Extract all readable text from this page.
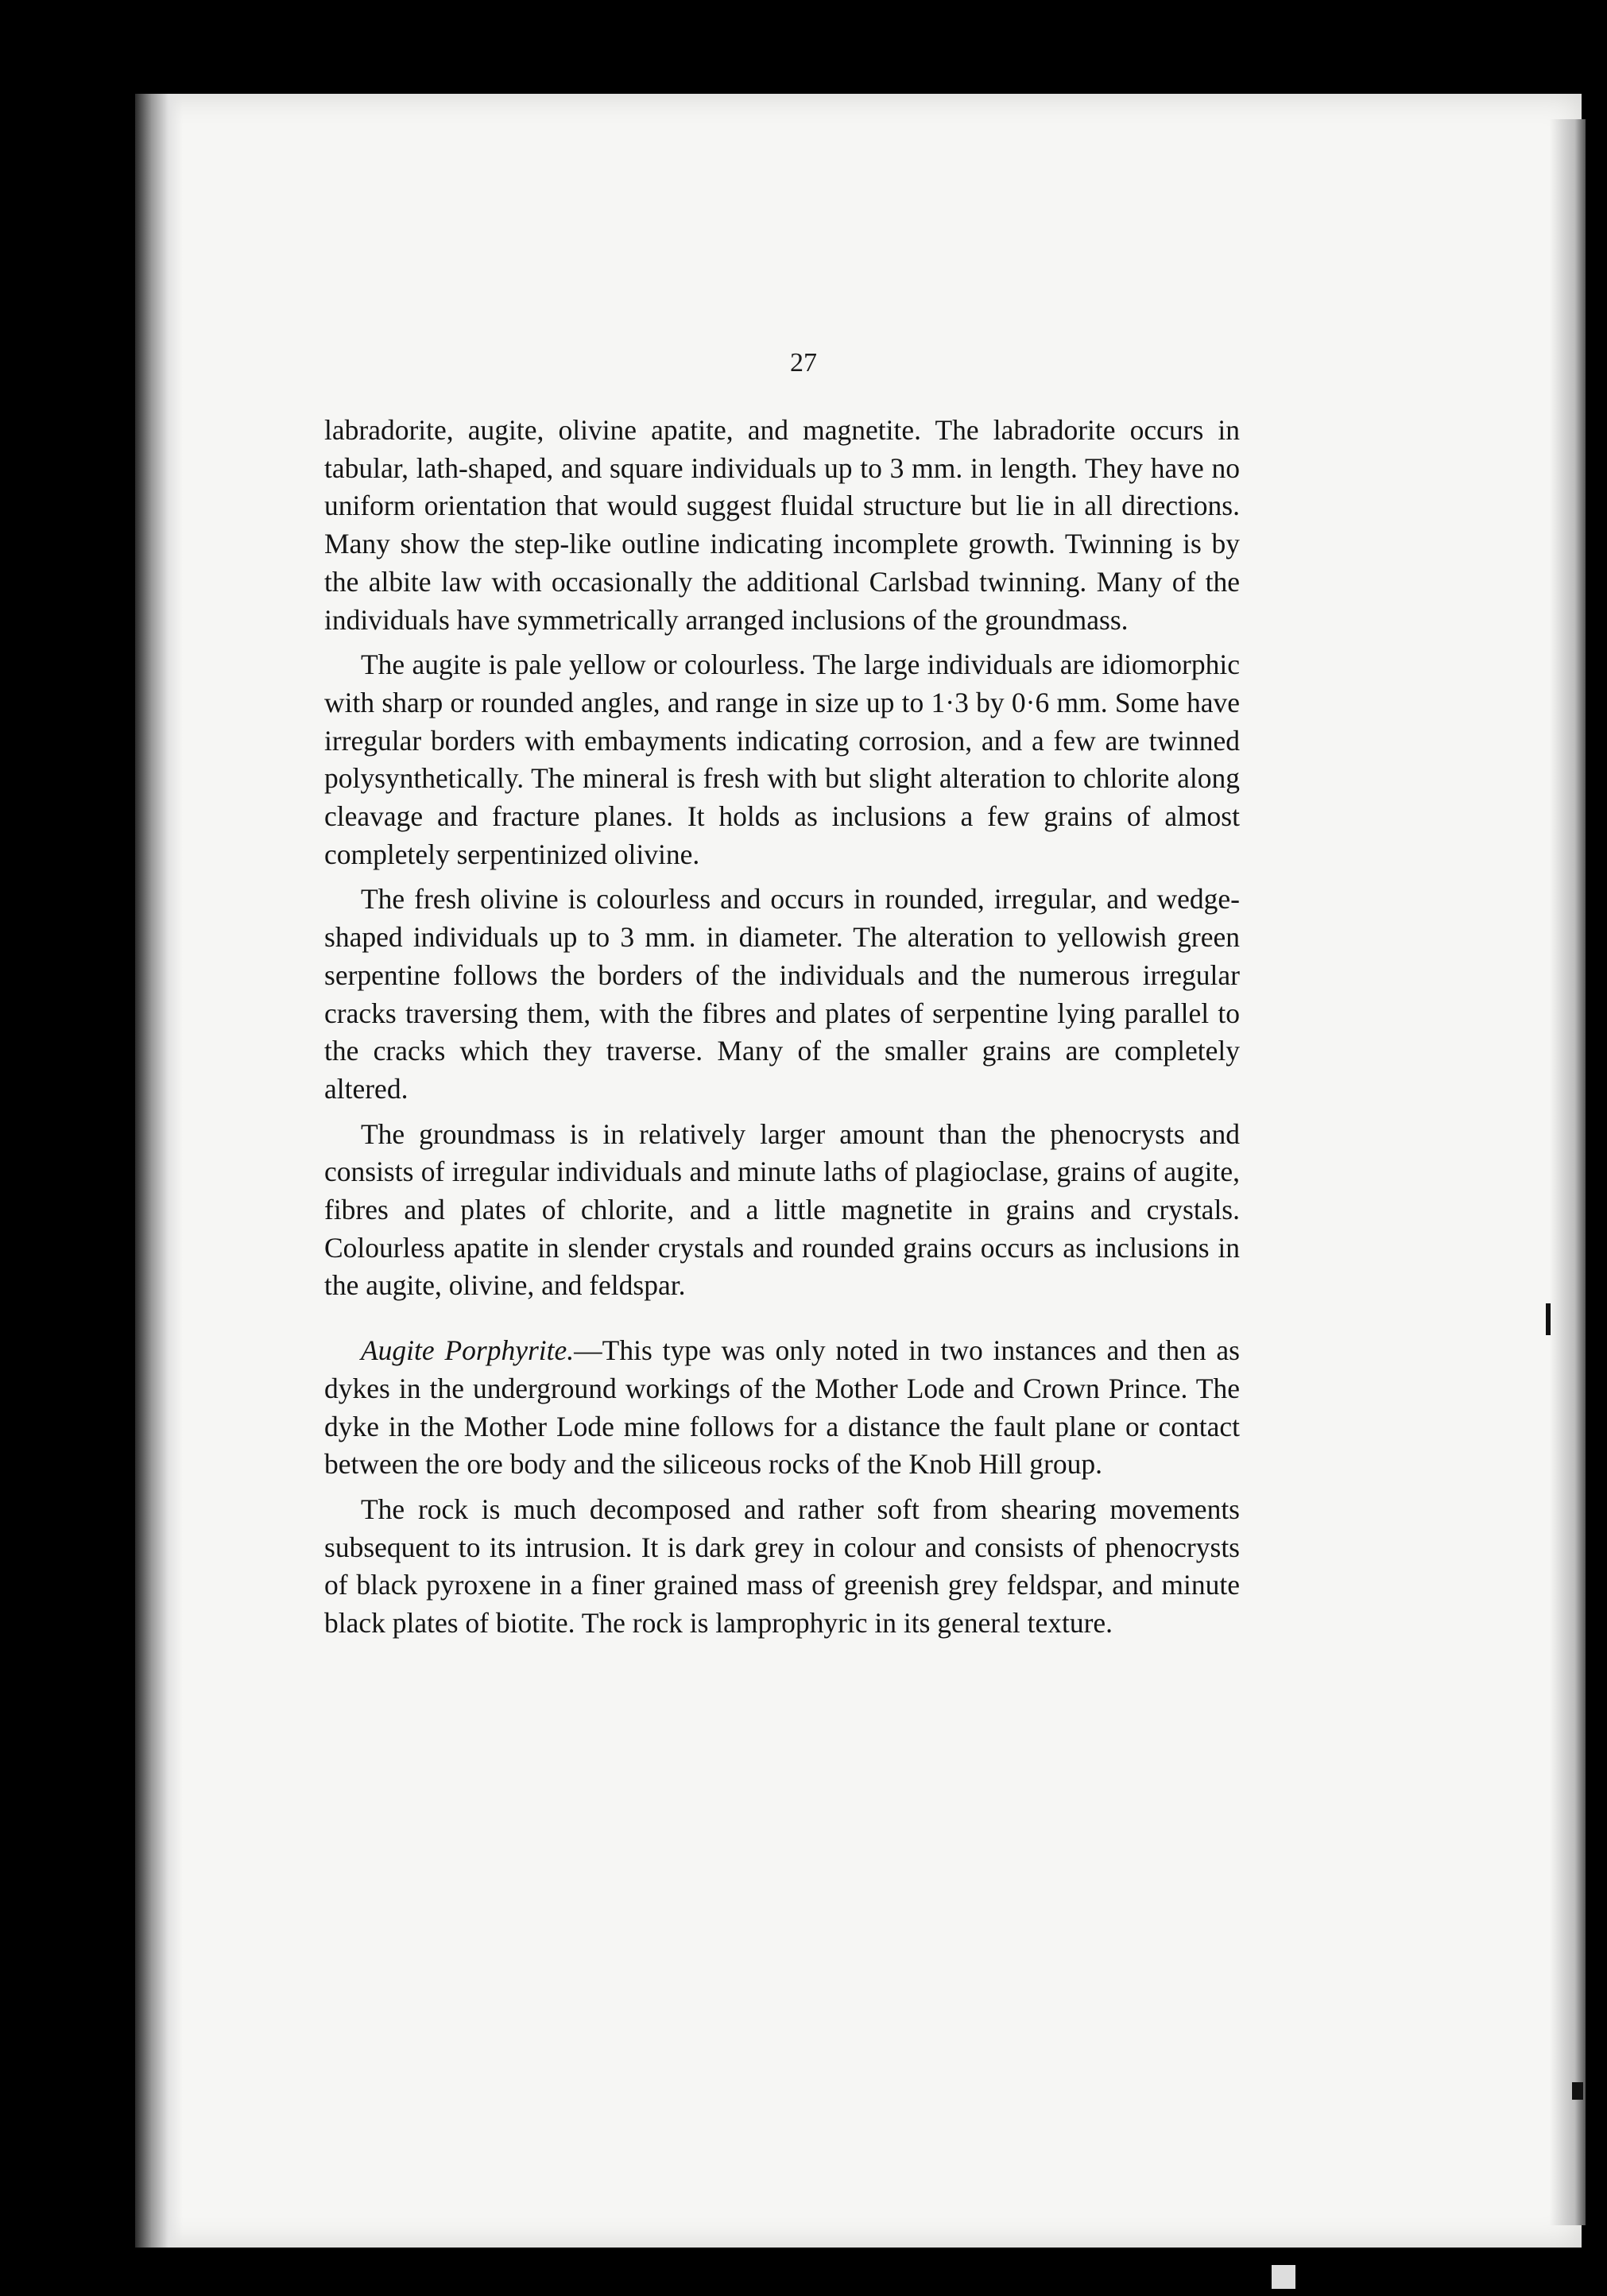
27

labradorite, augite, olivine apatite, and magnetite. The labradorite occurs in tabular, lath-shaped, and square individuals up to 3 mm. in length. They have no uniform orientation that would suggest fluidal structure but lie in all directions. Many show the step-like outline indicating incomplete growth. Twinning is by the albite law with occasionally the additional Carlsbad twinning. Many of the individuals have symmetrically arranged inclusions of the groundmass.

The augite is pale yellow or colourless. The large individuals are idiomorphic with sharp or rounded angles, and range in size up to 1·3 by 0·6 mm. Some have irregular borders with embayments indicating corrosion, and a few are twinned polysynthetically. The mineral is fresh with but slight alteration to chlorite along cleavage and fracture planes. It holds as inclusions a few grains of almost completely serpentinized olivine.

The fresh olivine is colourless and occurs in rounded, irregular, and wedge-shaped individuals up to 3 mm. in diameter. The alteration to yellowish green serpentine follows the borders of the individuals and the numerous irregular cracks traversing them, with the fibres and plates of serpentine lying parallel to the cracks which they traverse. Many of the smaller grains are completely altered.

The groundmass is in relatively larger amount than the phenocrysts and consists of irregular individuals and minute laths of plagioclase, grains of augite, fibres and plates of chlorite, and a little magnetite in grains and crystals. Colourless apatite in slender crystals and rounded grains occurs as inclusions in the augite, olivine, and feldspar.

Augite Porphyrite.—This type was only noted in two instances and then as dykes in the underground workings of the Mother Lode and Crown Prince. The dyke in the Mother Lode mine follows for a distance the fault plane or contact between the ore body and the siliceous rocks of the Knob Hill group.

The rock is much decomposed and rather soft from shearing movements subsequent to its intrusion. It is dark grey in colour and consists of phenocrysts of black pyroxene in a finer grained mass of greenish grey feldspar, and minute black plates of biotite. The rock is lamprophyric in its general texture.
